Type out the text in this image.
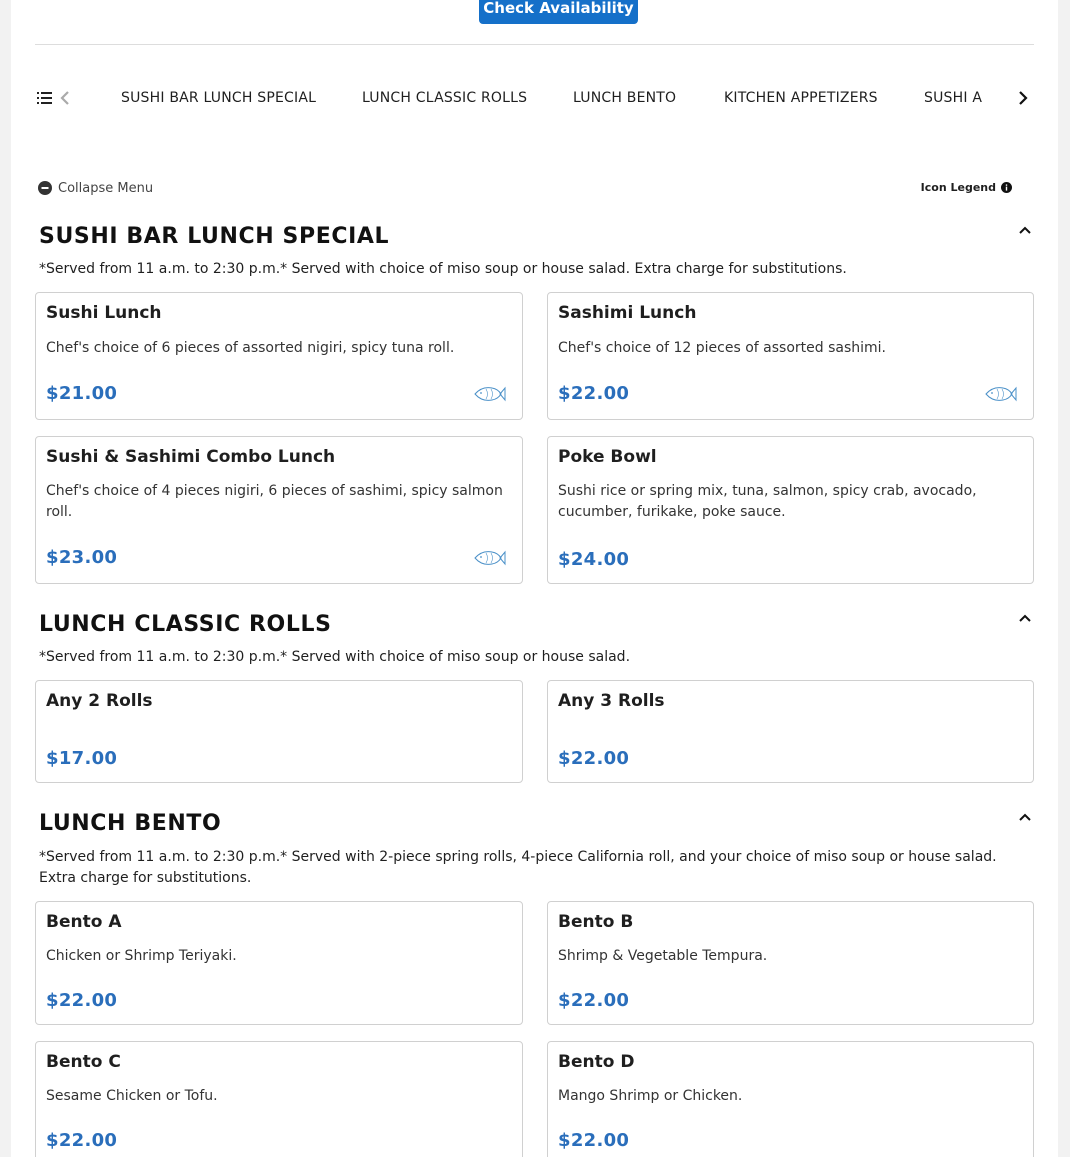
Check Availability
SUSHI BAR LUNCH SPECIAL	LUNCH CLASSIC ROLLS	LUNCH BENTO	KITCHEN APPETIZERS	SUSHI A
Collapse Menu	Icon Legend
SUSHI BAR LUNCH SPECIAL
*Served from 11 a.m. to 2:30 p.m.* Served with choice of miso soup or house salad. Extra charge for substitutions.
Sushi Lunch
Chef's choice of 6 pieces of assorted nigiri, spicy tuna roll.
$21.00
Sashimi Lunch
Chef's choice of 12 pieces of assorted sashimi.
$22.00
Sushi & Sashimi Combo Lunch
Chef's choice of 4 pieces nigiri, 6 pieces of sashimi, spicy salmon roll.
$23.00
Poke Bowl
Sushi rice or spring mix, tuna, salmon, spicy crab, avocado, cucumber, furikake, poke sauce.
$24.00
LUNCH CLASSIC ROLLS
*Served from 11 a.m. to 2:30 p.m.* Served with choice of miso soup or house salad.
Any 2 Rolls
$17.00
Any 3 Rolls
$22.00
LUNCH BENTO
*Served from 11 a.m. to 2:30 p.m.* Served with 2-piece spring rolls, 4-piece California roll, and your choice of miso soup or house salad. Extra charge for substitutions.
Bento A
Chicken or Shrimp Teriyaki.
$22.00
Bento B
Shrimp & Vegetable Tempura.
$22.00
Bento C
Sesame Chicken or Tofu.
$22.00
Bento D
Mango Shrimp or Chicken.
$22.00
